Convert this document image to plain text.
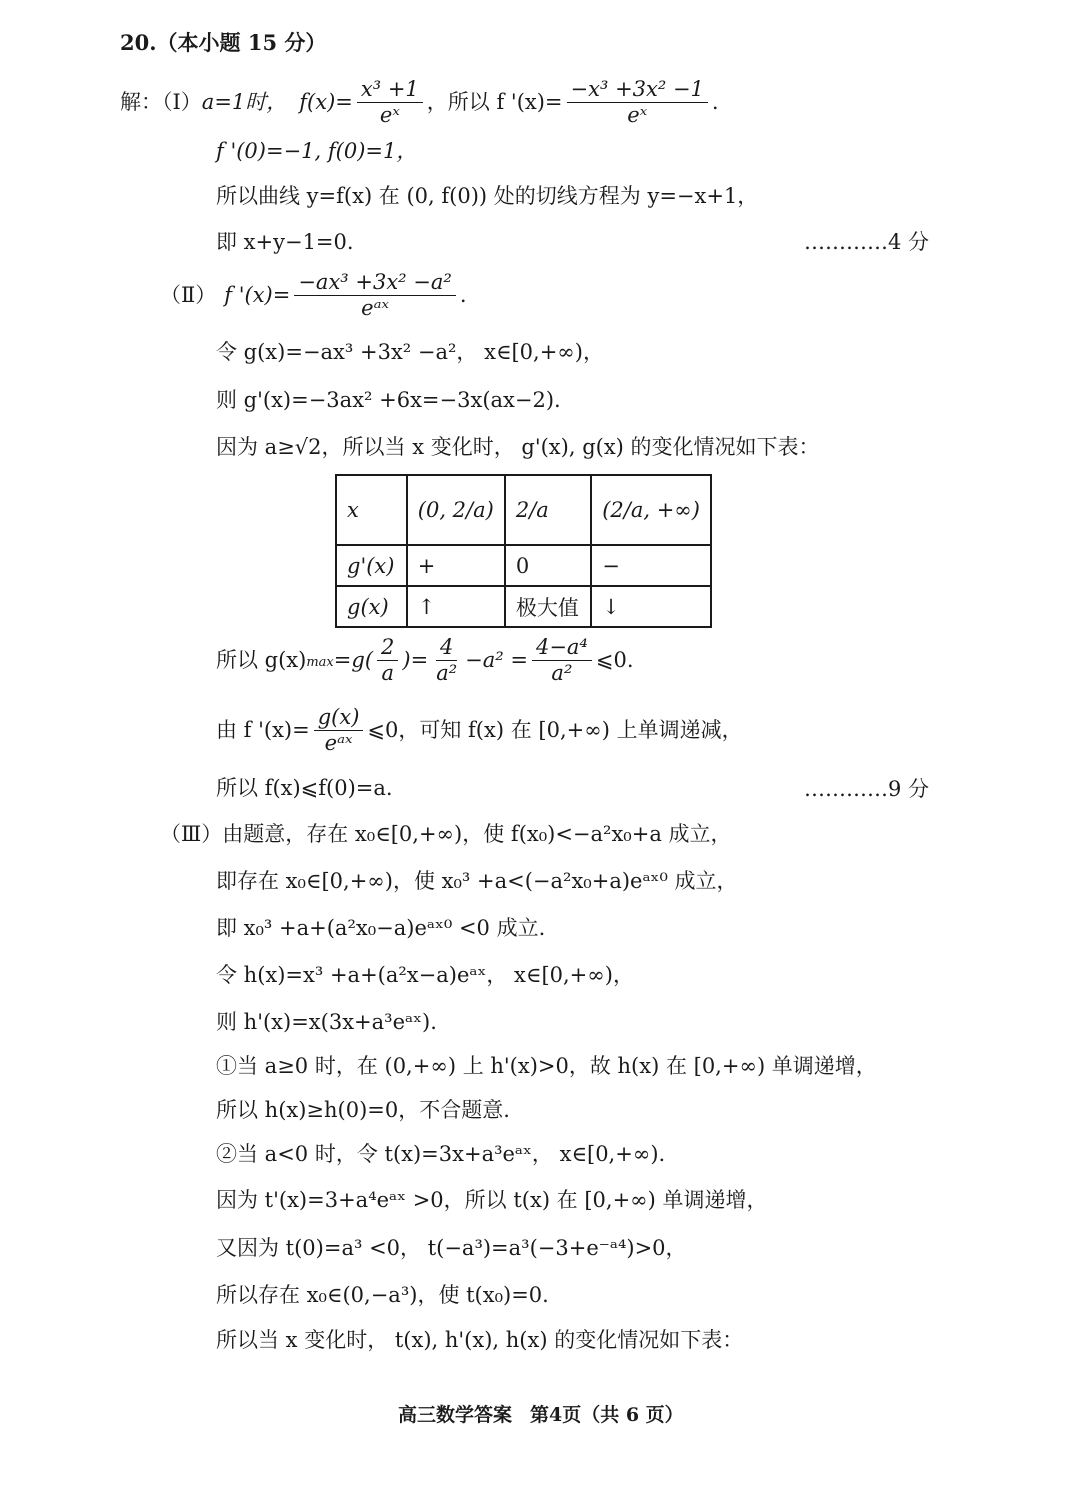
20.（本小题 15 分）
解：（Ⅰ） a=1时， $f(x)= \frac{\text{x³ +1}}{\text{eˣ}}$ ，所以 f '$(x)= \frac{\text{−x³ +3x² −1}}{\text{eˣ}}$ .
f '(0)=−1, f(0)=1，
所以曲线 y=f(x) 在 (0, f(0)) 处的切线方程为 y=−x+1，
即 x+y−1=0.	…………4 分
（Ⅱ） f '$(x)= \frac{\text{−ax³ +3x² −a²}}{\text{eᵃˣ}}$ .
令 g(x)=−ax³ +3x² −a²， x∈[0,+∞)，
则 g'(x)=−3ax² +6x=−3x(ax−2).
因为 a≥√2，所以当 x 变化时， g'(x), g(x) 的变化情况如下表：
x	(0, 2/a)	2/a	(2/a, +∞)
g'(x)	+	0	−
g(x)	↑	极大值	↓
所以 g(x) $\max =g( \frac{2}{a}$ )= $\frac{4}{\text{a²}} -a^2 = \frac{\text{4−a⁴}}{\text{a²}}$ ⩽0.
由 f '$(x)= \frac{g(x)}{\text{eᵃˣ}}$ ⩽0，可知 f(x) 在 [0,+∞) 上单调递减，
所以 f(x)⩽f(0)=a.	…………9 分
（Ⅲ）由题意，存在 x₀∈[0,+∞)，使 f(x₀)<−a²x₀+a 成立，
即存在 x₀∈[0,+∞)，使 x₀³ +a<(−a²x₀+a)eᵃˣ⁰ 成立，
即 x₀³ +a+(a²x₀−a)eᵃˣ⁰ <0 成立.
令 h(x)=x³ +a+(a²x−a)eᵃˣ， x∈[0,+∞)，
则 h'(x)=x(3x+a³eᵃˣ).
①当 a≥0 时，在 (0,+∞) 上 h'(x)>0，故 h(x) 在 [0,+∞) 单调递增，
所以 h(x)≥h(0)=0，不合题意.
②当 a<0 时，令 t(x)=3x+a³eᵃˣ， x∈[0,+∞).
因为 t'(x)=3+a⁴eᵃˣ >0，所以 t(x) 在 [0,+∞) 单调递增，
又因为 t(0)=a³ <0， t(−a³)=a³(−3+e⁻ᵃ⁴)>0，
所以存在 x₀∈(0,−a³)，使 t(x₀)=0.
所以当 x 变化时， t(x), h'(x), h(x) 的变化情况如下表：
高三数学答案 第4页（共 6 页）
